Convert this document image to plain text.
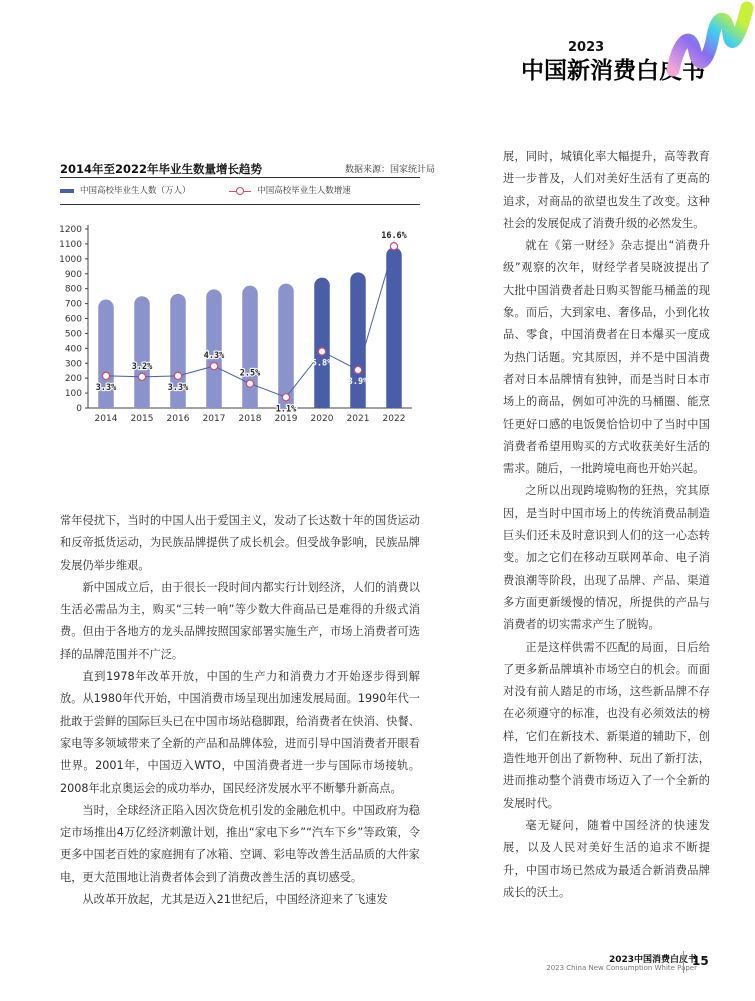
2023
中国新消费白皮书
2014年至2022年毕业生数量增长趋势	数据来源：国家统计局
中国高校毕业生人数（万人）	中国高校毕业生人数增速
0
100
200
300
400
500
600
700
800
900
1000
1100
1200
2014 2015 2016 2017 2018 2019 2020 2021 2022
3.3%
3.2%
3.3%
4.3%
2.5%
1.1%
5.8%
3.9%
16.6%

常年侵扰下，当时的中国人出于爱国主义，发动了长达数十年的国货运动和反帝抵货运动，为民族品牌提供了成长机会。但受战争影响，民族品牌发展仍举步维艰。

新中国成立后，由于很长一段时间内都实行计划经济，人们的消费以生活必需品为主，购买“三转一响”等少数大件商品已是难得的升级式消费。但由于各地方的龙头品牌按照国家部署实施生产，市场上消费者可选择的品牌范围并不广泛。

直到1978年改革开放，中国的生产力和消费力才开始逐步得到解放。从1980年代开始，中国消费市场呈现出加速发展局面。1990年代一批敢于尝鲜的国际巨头已在中国市场站稳脚跟，给消费者在快消、快餐、家电等多领域带来了全新的产品和品牌体验，进而引导中国消费者开眼看世界。2001年，中国迈入WTO，中国消费者进一步与国际市场接轨。2008年北京奥运会的成功举办，国民经济发展水平不断攀升新高点。

当时，全球经济正陷入因次贷危机引发的金融危机中。中国政府为稳定市场推出4万亿经济刺激计划，推出“家电下乡”“汽车下乡”等政策，令更多中国老百姓的家庭拥有了冰箱、空调、彩电等改善生活品质的大件家电，更大范围地让消费者体会到了消费改善生活的真切感受。

从改革开放起，尤其是迈入21世纪后，中国经济迎来了飞速发

展，同时，城镇化率大幅提升，高等教育进一步普及，人们对美好生活有了更高的追求，对商品的欲望也发生了改变。这种社会的发展促成了消费升级的必然发生。

就在《第一财经》杂志提出“消费升级”观察的次年，财经学者吴晓波提出了大批中国消费者赴日购买智能马桶盖的现象。而后，大到家电、奢侈品，小到化妆品、零食，中国消费者在日本爆买一度成为热门话题。究其原因，并不是中国消费者对日本品牌情有独钟，而是当时日本市场上的商品，例如可冲洗的马桶圈、能烹饪更好口感的电饭煲恰恰切中了当时中国消费者希望用购买的方式收获美好生活的需求。随后，一批跨境电商也开始兴起。

之所以出现跨境购物的狂热，究其原因，是当时中国市场上的传统消费品制造巨头们还未及时意识到人们的这一心态转变。加之它们在移动互联网革命、电子消费浪潮等阶段，出现了品牌、产品、渠道多方面更新缓慢的情况，所提供的产品与消费者的切实需求产生了脱钩。

正是这样供需不匹配的局面，日后给了更多新品牌填补市场空白的机会。而面对没有前人踏足的市场，这些新品牌不存在必须遵守的标准，也没有必须效法的榜样，它们在新技术、新渠道的辅助下，创造性地开创出了新物种、玩出了新打法，进而推动整个消费市场迈入了一个全新的发展时代。

毫无疑问，随着中国经济的快速发展，以及人民对美好生活的追求不断提升，中国市场已然成为最适合新消费品牌成长的沃土。

2023中国消费白皮书
2023 China New Consumption White Paper
15
